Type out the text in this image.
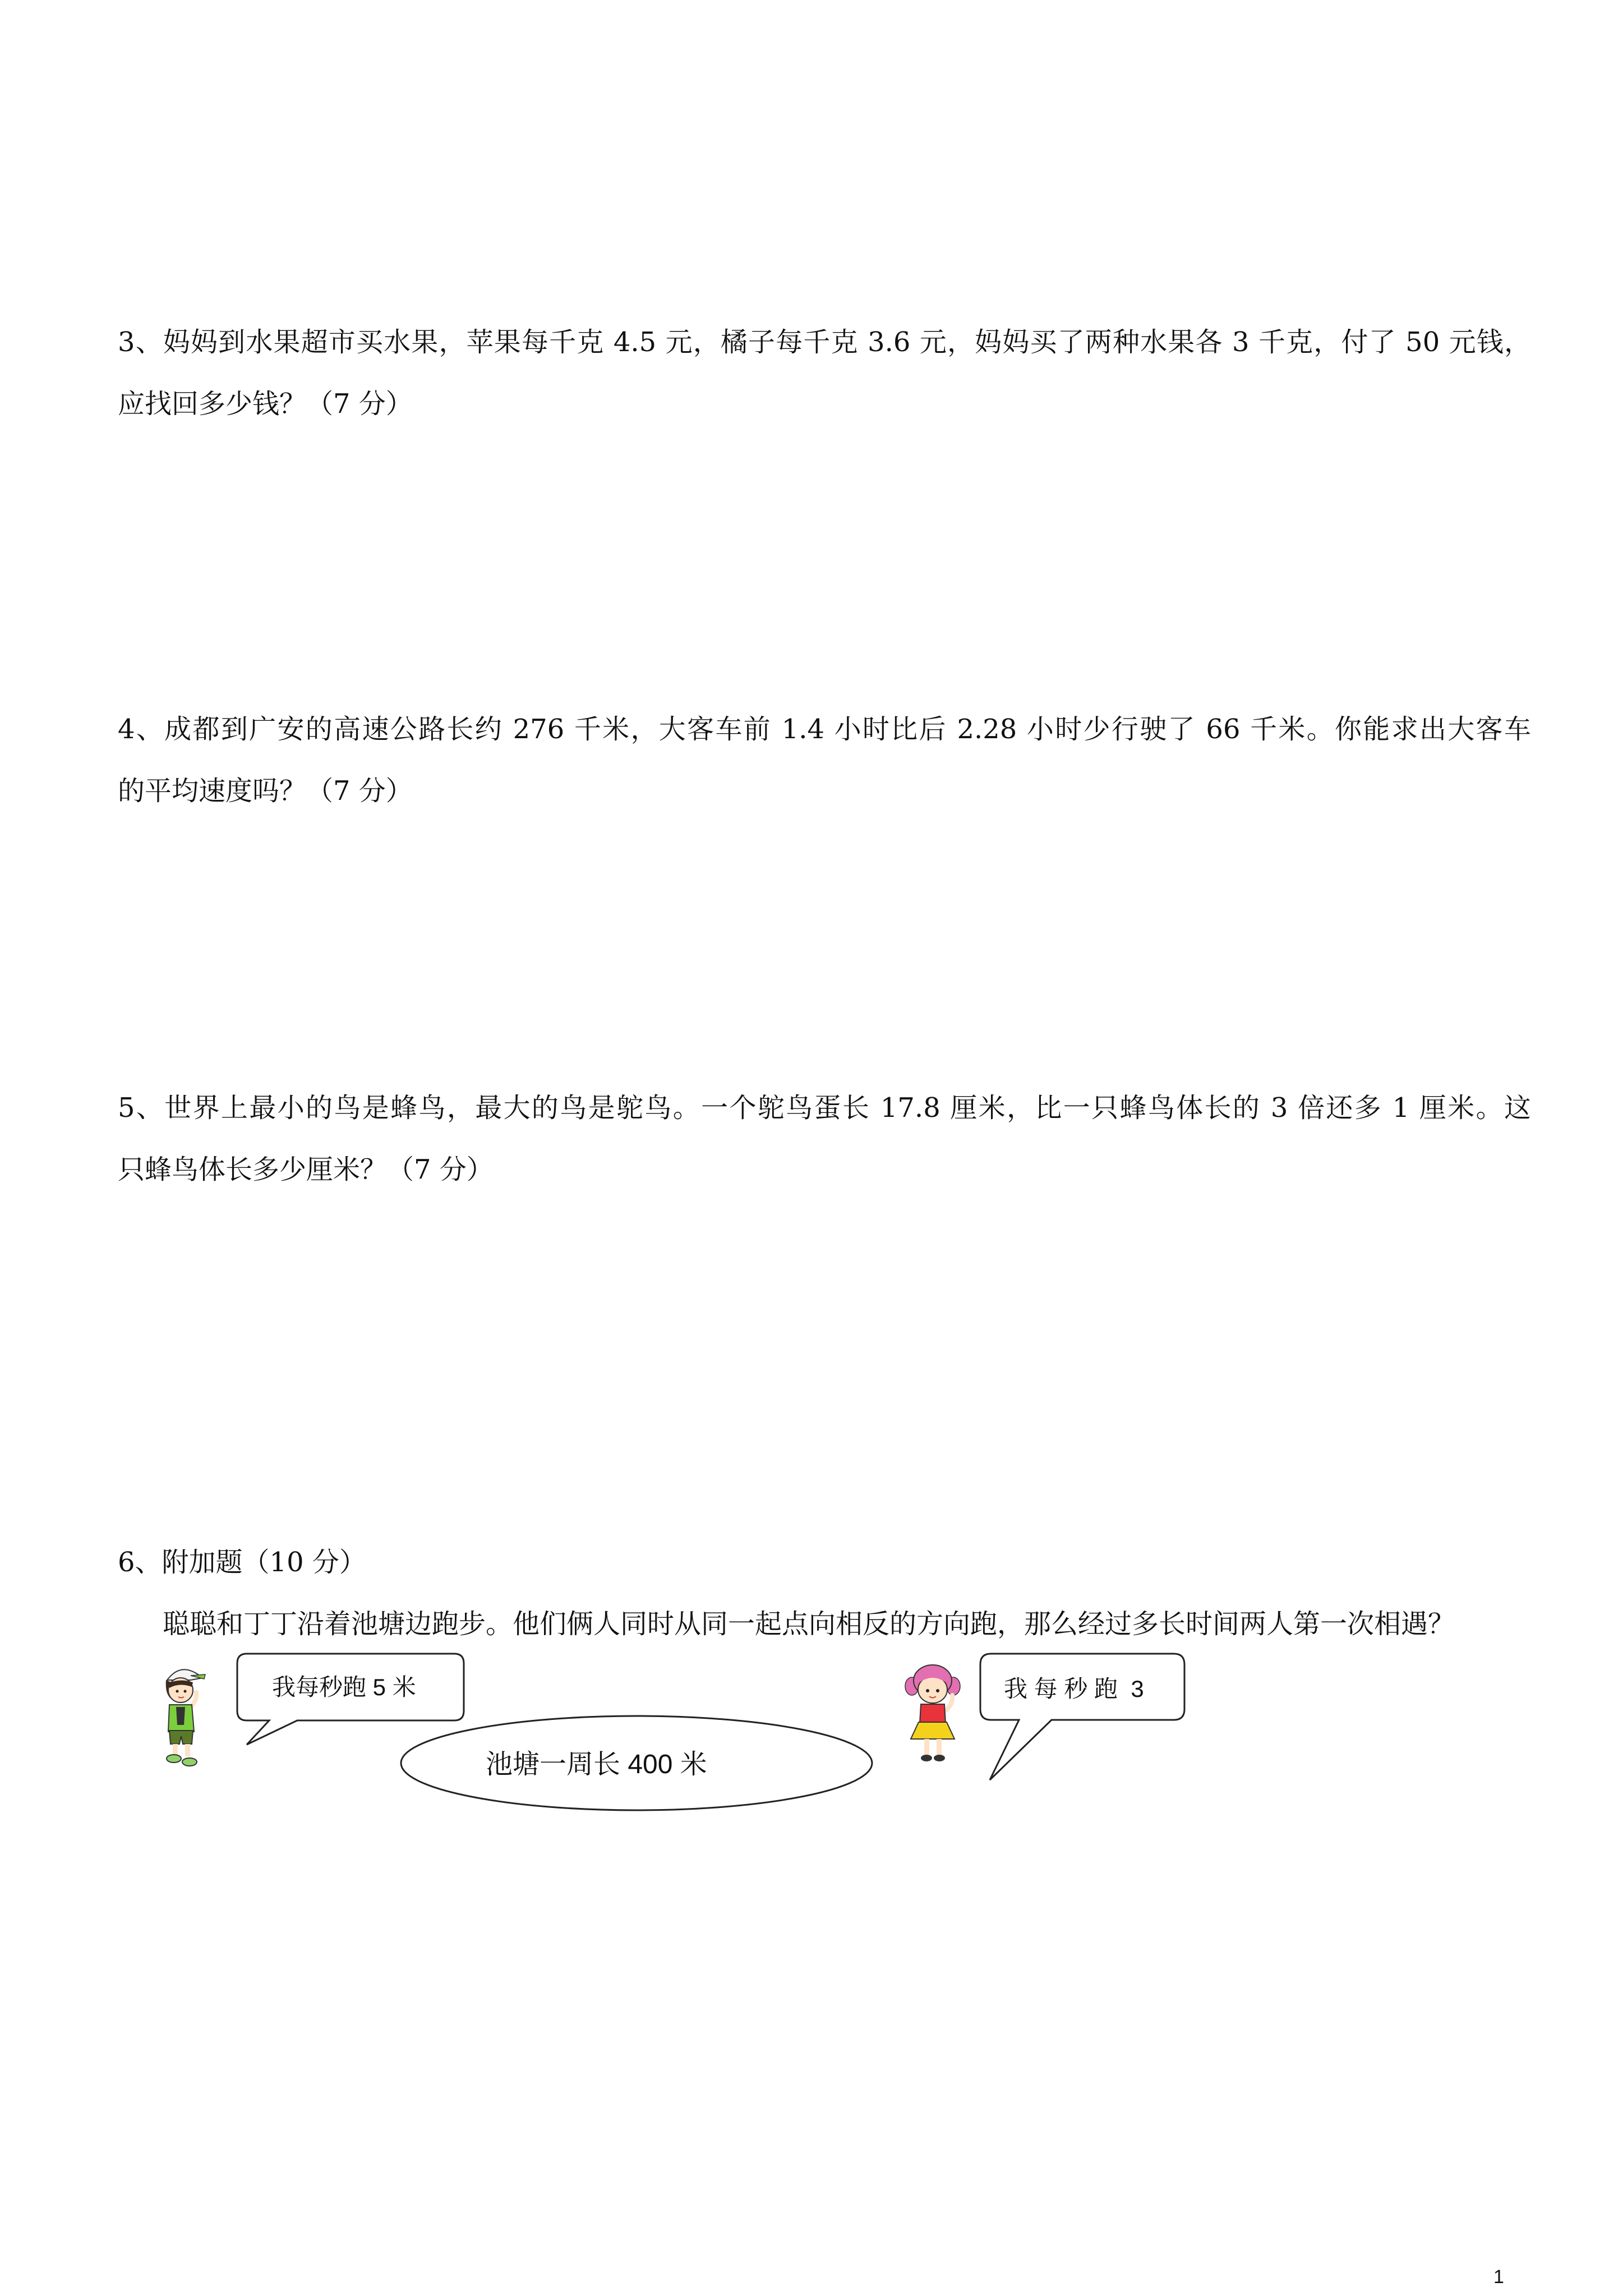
3、妈妈到水果超市买水果，苹果每千克 4.5 元，橘子每千克 3.6 元，妈妈买了两种水果各 3 千克，付了 50 元钱，
应找回多少钱？（7 分）
4、成都到广安的高速公路长约 276 千米，大客车前 1.4 小时比后 2.28 小时少行驶了 66 千米。你能求出大客车
的平均速度吗？（7 分）
5、世界上最小的鸟是蜂鸟，最大的鸟是鸵鸟。一个鸵鸟蛋长 17.8 厘米，比一只蜂鸟体长的 3 倍还多 1 厘米。这
只蜂鸟体长多少厘米？（7 分）
6、附加题（10 分）
聪聪和丁丁沿着池塘边跑步。他们俩人同时从同一起点向相反的方向跑，那么经过多长时间两人第一次相遇？
我每秒跑 5 米
池塘一周长 400 米
我 每 秒 跑  3
1
